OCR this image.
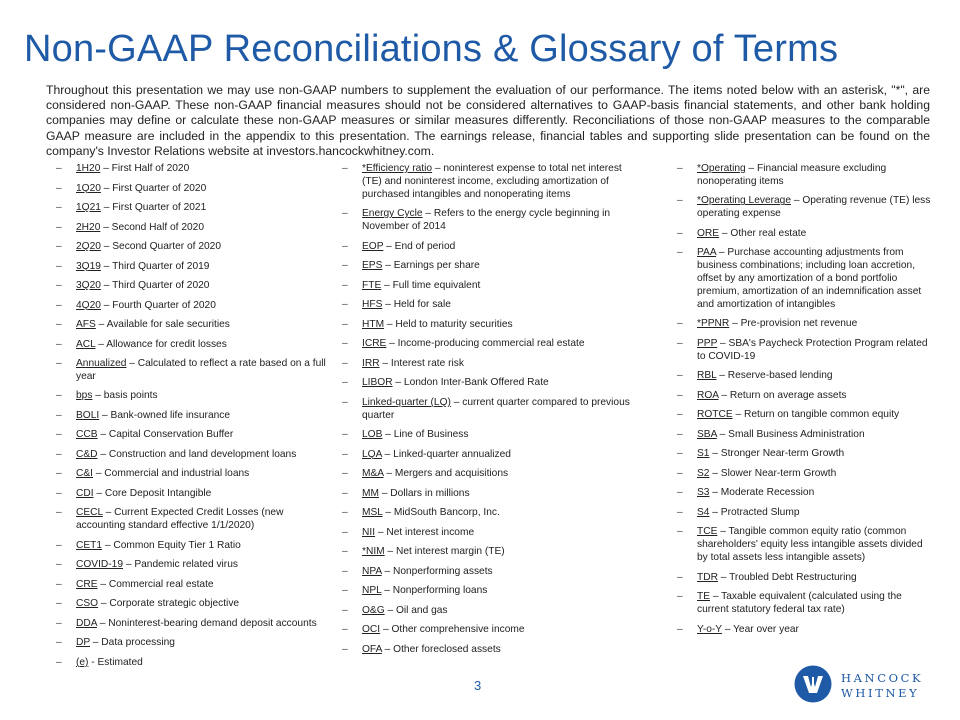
Non-GAAP Reconciliations & Glossary of Terms

Throughout this presentation we may use non-GAAP numbers to supplement the evaluation of our performance. The items noted below with an asterisk, "*", are considered non-GAAP. These non-GAAP financial measures should not be considered alternatives to GAAP-basis financial statements, and other bank holding companies may define or calculate these non-GAAP measures or similar measures differently. Reconciliations of those non-GAAP measures to the comparable GAAP measure are included in the appendix to this presentation. The earnings release, financial tables and supporting slide presentation can be found on the company's Investor Relations website at investors.hancockwhitney.com.

– 1H20 – First Half of 2020
– 1Q20 – First Quarter of 2020
– 1Q21 – First Quarter of 2021
– 2H20 – Second Half of 2020
– 2Q20 – Second Quarter of 2020
– 3Q19 – Third Quarter of 2019
– 3Q20 – Third Quarter of 2020
– 4Q20 – Fourth Quarter of 2020
– AFS – Available for sale securities
– ACL – Allowance for credit losses
– Annualized – Calculated to reflect a rate based on a full year
– bps – basis points
– BOLI – Bank-owned life insurance
– CCB – Capital Conservation Buffer
– C&D – Construction and land development loans
– C&I – Commercial and industrial loans
– CDI – Core Deposit Intangible
– CECL – Current Expected Credit Losses (new accounting standard effective 1/1/2020)
– CET1 – Common Equity Tier 1 Ratio
– COVID-19 – Pandemic related virus
– CRE – Commercial real estate
– CSO – Corporate strategic objective
– DDA – Noninterest-bearing demand deposit accounts
– DP – Data processing
– (e) - Estimated
– *Efficiency ratio – noninterest expense to total net interest (TE) and noninterest income, excluding amortization of purchased intangibles and nonoperating items
– Energy Cycle – Refers to the energy cycle beginning in November of 2014
– EOP – End of period
– EPS – Earnings per share
– FTE – Full time equivalent
– HFS – Held for sale
– HTM – Held to maturity securities
– ICRE – Income-producing commercial real estate
– IRR – Interest rate risk
– LIBOR – London Inter-Bank Offered Rate
– Linked-quarter (LQ) – current quarter compared to previous quarter
– LOB – Line of Business
– LQA – Linked-quarter annualized
– M&A – Mergers and acquisitions
– MM – Dollars in millions
– MSL – MidSouth Bancorp, Inc.
– NII – Net interest income
– *NIM – Net interest margin (TE)
– NPA – Nonperforming assets
– NPL – Nonperforming loans
– O&G – Oil and gas
– OCI – Other comprehensive income
– OFA – Other foreclosed assets
– *Operating – Financial measure excluding nonoperating items
– *Operating Leverage – Operating revenue (TE) less operating expense
– ORE – Other real estate
– PAA – Purchase accounting adjustments from business combinations; including loan accretion, offset by any amortization of a bond portfolio premium, amortization of an indemnification asset and amortization of intangibles
– *PPNR – Pre-provision net revenue
– PPP – SBA's Paycheck Protection Program related to COVID-19
– RBL – Reserve-based lending
– ROA – Return on average assets
– ROTCE – Return on tangible common equity
– SBA – Small Business Administration
– S1 – Stronger Near-term Growth
– S2 – Slower Near-term Growth
– S3 – Moderate Recession
– S4 – Protracted Slump
– TCE – Tangible common equity ratio (common shareholders' equity less intangible assets divided by total assets less intangible assets)
– TDR – Troubled Debt Restructuring
– TE – Taxable equivalent (calculated using the current statutory federal tax rate)
– Y-o-Y – Year over year
3	HANCOCK
WHITNEY
